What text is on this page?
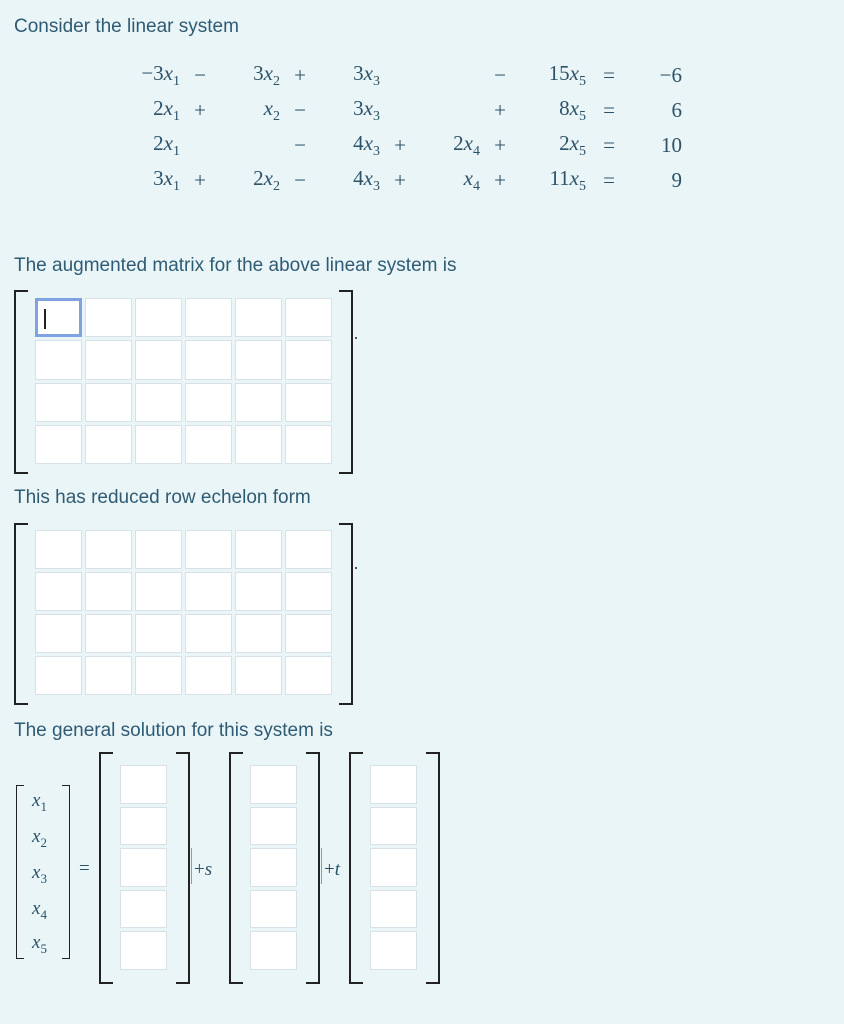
Consider the linear system
$-3x_1$	−	$3x_2$	+	$3x_3$			−	$15x_5$	=	−6
$2x_1$	+	$x_2$	−	$3x_3$			+	$8x_5$	=	6
$2x_1$			−	$4x_3$	+	$2x_4$	+	$2x_5$	=	10
$3x_1$	+	$2x_2$	−	$4x_3$	+	$x_4$	+	$11x_5$	=	9
The augmented matrix for the above linear system is
This has reduced row echelon form
The general solution for this system is
$x_1$
$x_2$
$x_3$
$x_4$
$x_5$
=	+s	+t
